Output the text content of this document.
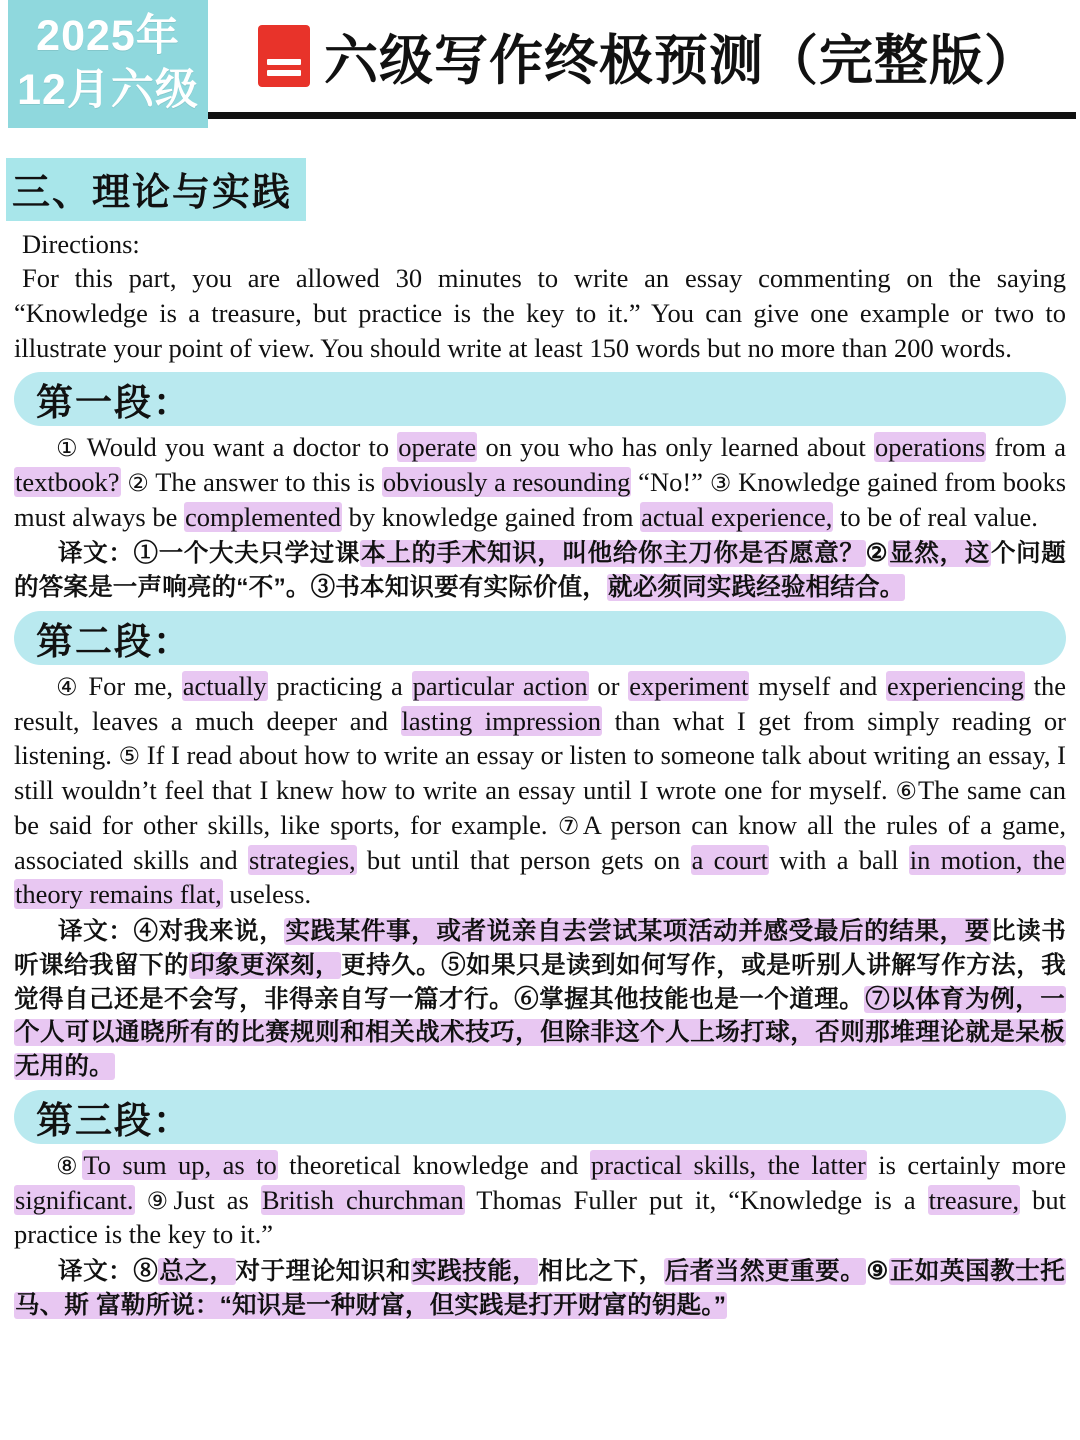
2025年
12月六级 六级写作终极预测（完整版）
三、理论与实践
Directions:
For this part, you are allowed 30 minutes to write an essay commenting on the saying “Knowledge is a treasure, but practice is the key to it.” You can give one example or two to illustrate your point of view. You should write at least 150 words but no more than 200 words.
第一段：
① Would you want a doctor to operate on you who has only learned about operations from a textbook? ② The answer to this is obviously a resounding “No!” ③ Knowledge gained from books must always be complemented by knowledge gained from actual experience, to be of real value.
译文：①一个大夫只学过课本上的手术知识，叫他给你主刀你是否愿意？②显然，这个问题的答案是一声响亮的“不”。③书本知识要有实际价值，就必须同实践经验相结合。
第二段：
④ For me, actually practicing a particular action or experiment myself and experiencing the result, leaves a much deeper and lasting impression than what I get from simply reading or listening. ⑤ If I read about how to write an essay or listen to someone talk about writing an essay, I still wouldn’t feel that I knew how to write an essay until I wrote one for myself. ⑥The same can be said for other skills, like sports, for example. ⑦A person can know all the rules of a game, associated skills and strategies, but until that person gets on a court with a ball in motion, the theory remains flat, useless.
译文：④对我来说，实践某件事，或者说亲自去尝试某项活动并感受最后的结果，要比读书听课给我留下的印象更深刻，更持久。⑤如果只是读到如何写作，或是听别人讲解写作方法，我觉得自己还是不会写，非得亲自写一篇才行。⑥掌握其他技能也是一个道理。⑦以体育为例，一个人可以通晓所有的比赛规则和相关战术技巧，但除非这个人上场打球，否则那堆理论就是呆板无用的。
第三段：
⑧To sum up, as to theoretical knowledge and practical skills, the latter is certainly more significant. ⑨Just as British churchman Thomas Fuller put it, “Knowledge is a treasure, but practice is the key to it.”
译文：⑧总之，对于理论知识和实践技能，相比之下，后者当然更重要。⑨正如英国教士托马、斯 富勒所说：“知识是一种财富，但实践是打开财富的钥匙。”
